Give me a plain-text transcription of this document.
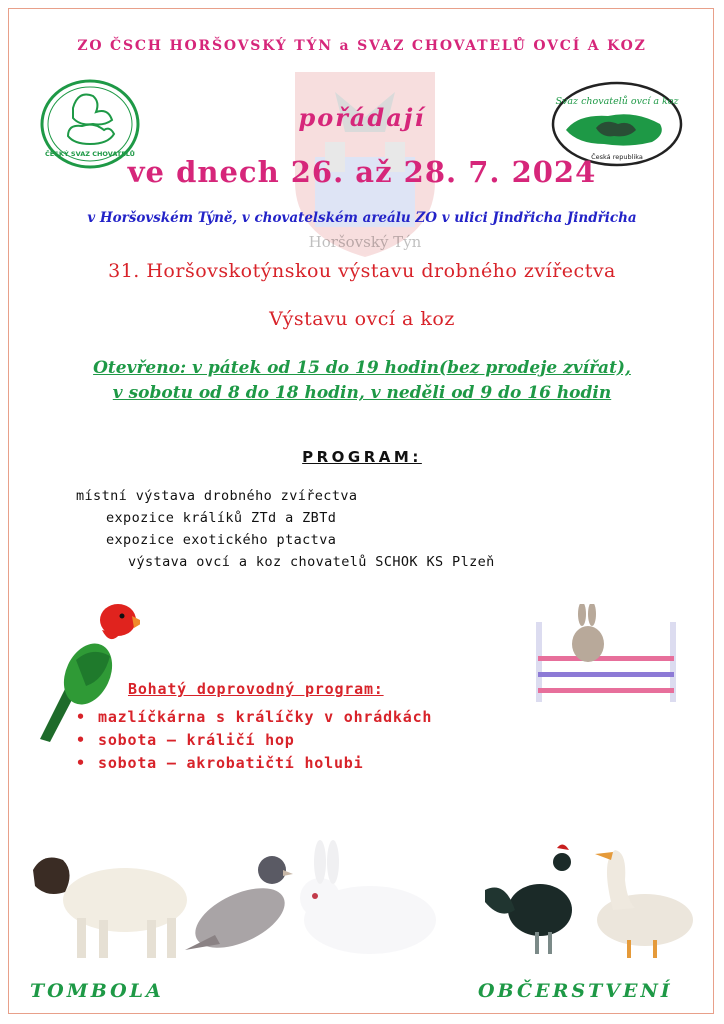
Horšovský Týn
ZO ČSCH HORŠOVSKÝ TÝN a SVAZ CHOVATELŮ OVCÍ A KOZ
ČESKÝ SVAZ CHOVATELŮ
Svaz chovatelů ovcí a koz
Česká republika
pořádají
ve dnech 26. až 28. 7. 2024
v Horšovském Týně, v chovatelském areálu ZO v ulici Jindřicha Jindřicha
31. Horšovskotýnskou výstavu drobného zvířectva
Výstavu ovcí a koz
Otevřeno: v pátek od 15 do 19 hodin(bez prodeje zvířat),
v sobotu od 8 do 18 hodin, v neděli od 9 do 16 hodin
PROGRAM:
místní výstava drobného zvířectva
expozice králíků ZTd a ZBTd
expozice exotického ptactva
výstava ovcí a koz chovatelů SCHOK KS Plzeň
Bohatý doprovodný program:
• mazlíčkárna s králíčky v ohrádkách
• sobota – králičí hop
• sobota – akrobatičtí holubi
TOMBOLA	OBČERSTVENÍ
